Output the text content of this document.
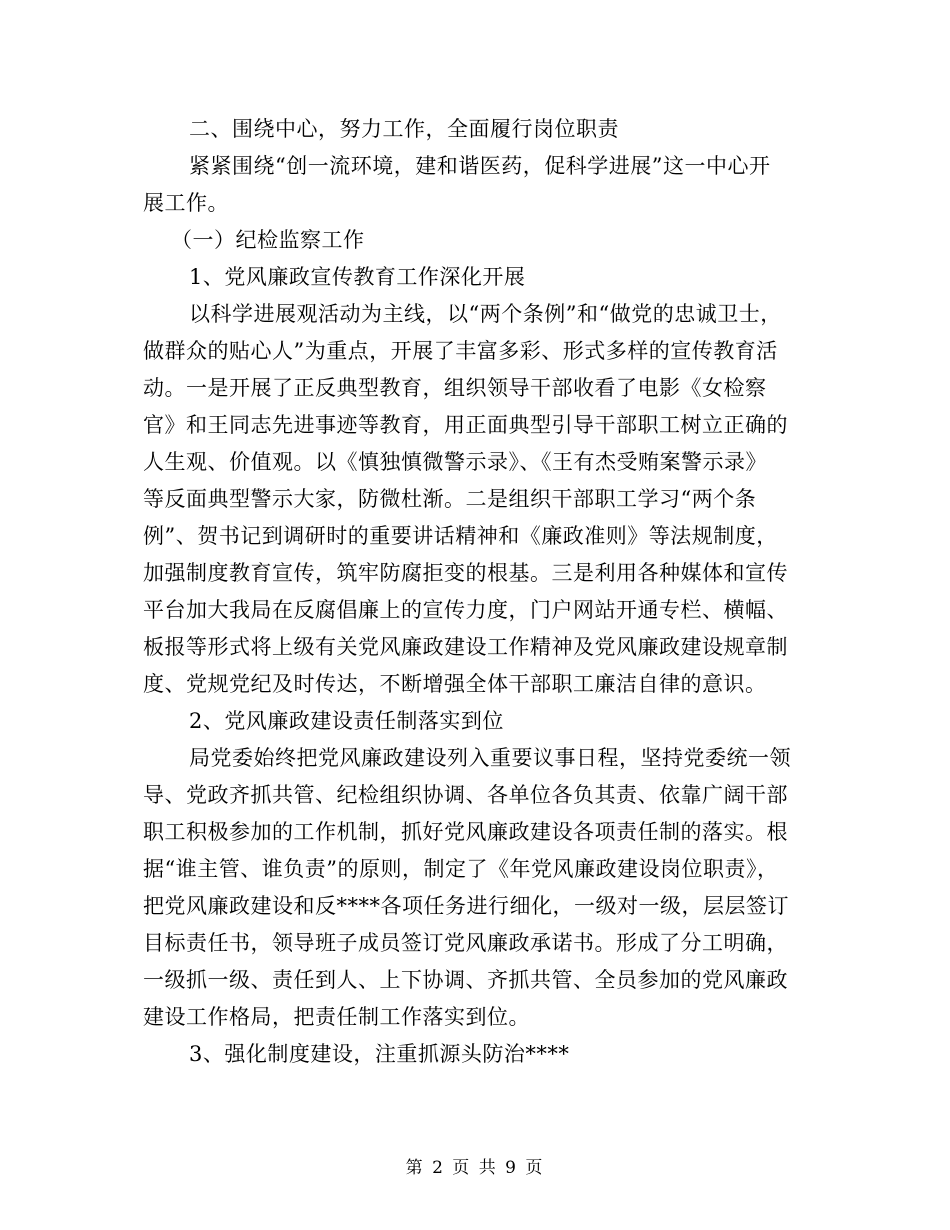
二、围绕中心，努力工作，全面履行岗位职责
紧紧围绕“创一流环境，建和谐医药，促科学进展”这一中心开
展工作。
（一）纪检监察工作
1、党风廉政宣传教育工作深化开展
以科学进展观活动为主线，以“两个条例”和“做党的忠诚卫士，
做群众的贴心人”为重点，开展了丰富多彩、形式多样的宣传教育活
动。一是开展了正反典型教育，组织领导干部收看了电影《女检察
官》和王同志先进事迹等教育，用正面典型引导干部职工树立正确的
人生观、价值观。以《慎独慎微警示录》、《王有杰受贿案警示录》
等反面典型警示大家，防微杜渐。二是组织干部职工学习“两个条
例”、贺书记到调研时的重要讲话精神和《廉政准则》等法规制度，
加强制度教育宣传，筑牢防腐拒变的根基。三是利用各种媒体和宣传
平台加大我局在反腐倡廉上的宣传力度，门户网站开通专栏、横幅、
板报等形式将上级有关党风廉政建设工作精神及党风廉政建设规章制
度、党规党纪及时传达，不断增强全体干部职工廉洁自律的意识。
2、党风廉政建设责任制落实到位
局党委始终把党风廉政建设列入重要议事日程，坚持党委统一领
导、党政齐抓共管、纪检组织协调、各单位各负其责、依靠广阔干部
职工积极参加的工作机制，抓好党风廉政建设各项责任制的落实。根
据“谁主管、谁负责”的原则，制定了《年党风廉政建设岗位职责》，
把党风廉政建设和反****各项任务进行细化，一级对一级，层层签订
目标责任书，领导班子成员签订党风廉政承诺书。形成了分工明确，
一级抓一级、责任到人、上下协调、齐抓共管、全员参加的党风廉政
建设工作格局，把责任制工作落实到位。
3、强化制度建设，注重抓源头防治****
第 2 页 共 9 页
